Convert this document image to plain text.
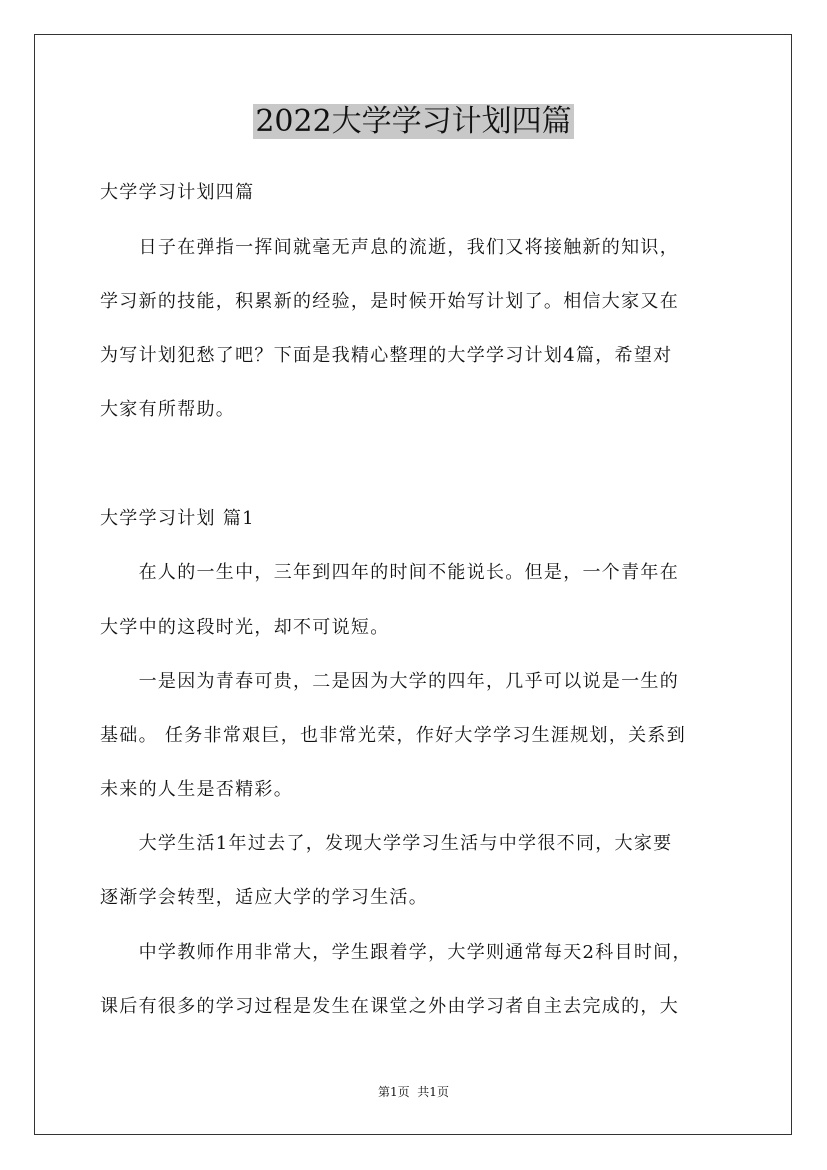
2022大学学习计划四篇
大学学习计划四篇
　　日子在弹指一挥间就毫无声息的流逝，我们又将接触新的知识，
学习新的技能，积累新的经验，是时候开始写计划了。相信大家又在
为写计划犯愁了吧？下面是我精心整理的大学学习计划4篇，希望对
大家有所帮助。
大学学习计划 篇1
　　在人的一生中，三年到四年的时间不能说长。但是，一个青年在
大学中的这段时光，却不可说短。
　　一是因为青春可贵，二是因为大学的四年，几乎可以说是一生的
基础。 任务非常艰巨，也非常光荣，作好大学学习生涯规划，关系到
未来的人生是否精彩。
　　大学生活1年过去了，发现大学学习生活与中学很不同，大家要
逐渐学会转型，适应大学的学习生活。
　　中学教师作用非常大，学生跟着学，大学则通常每天2科目时间，
课后有很多的学习过程是发生在课堂之外由学习者自主去完成的，大
第1页  共1页
